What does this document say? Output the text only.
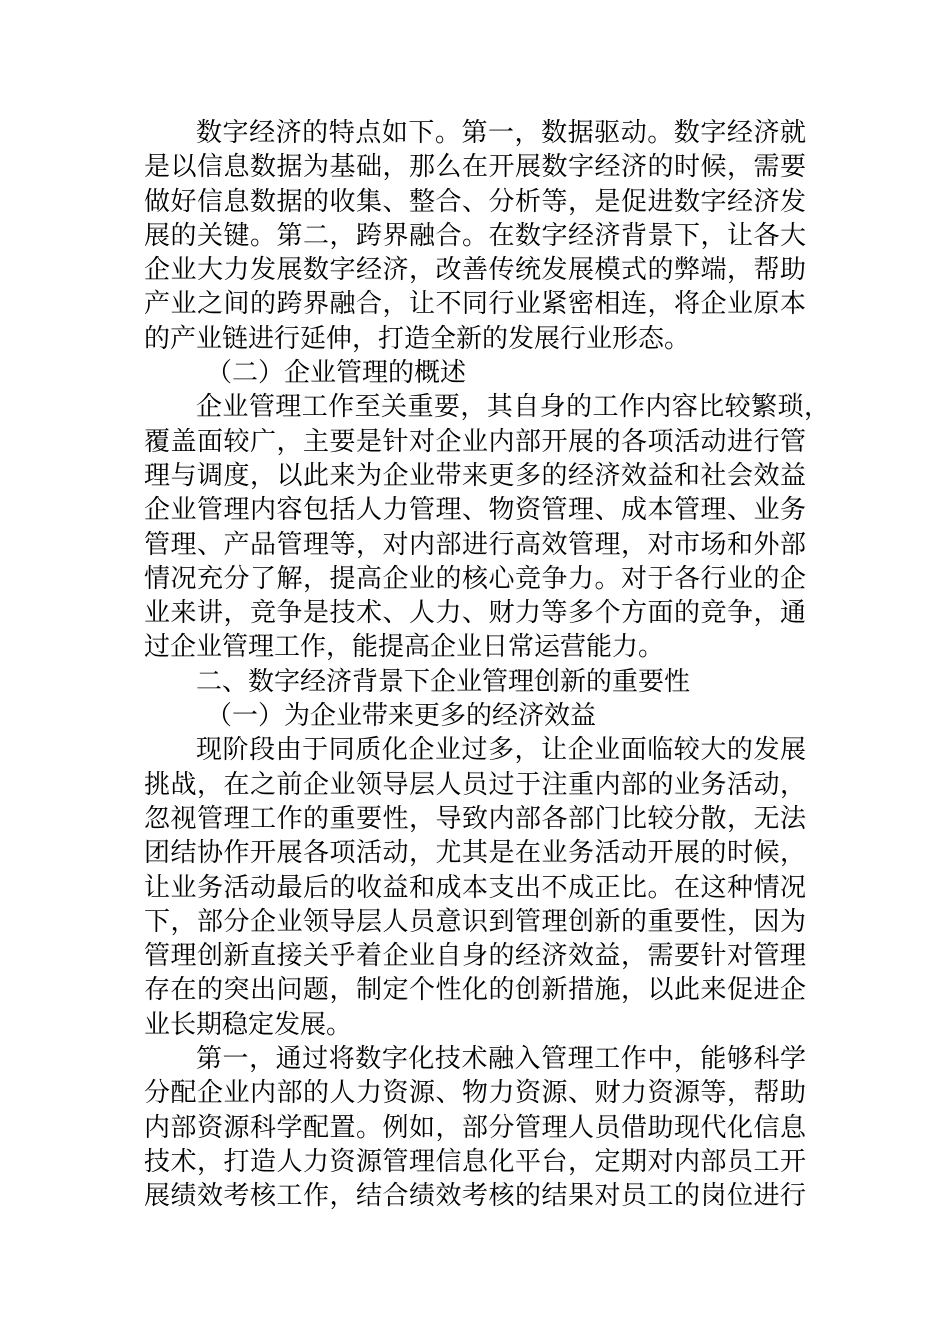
数字经济的特点如下。第一，数据驱动。数字经济就
是以信息数据为基础，那么在开展数字经济的时候，需要
做好信息数据的收集、整合、分析等，是促进数字经济发
展的关键。第二，跨界融合。在数字经济背景下，让各大
企业大力发展数字经济，改善传统发展模式的弊端，帮助
产业之间的跨界融合，让不同行业紧密相连，将企业原本
的产业链进行延伸，打造全新的发展行业形态。
（二）企业管理的概述
企业管理工作至关重要，其自身的工作内容比较繁琐，
覆盖面较广，主要是针对企业内部开展的各项活动进行管
理与调度，以此来为企业带来更多的经济效益和社会效益
企业管理内容包括人力管理、物资管理、成本管理、业务
管理、产品管理等，对内部进行高效管理，对市场和外部
情况充分了解，提高企业的核心竞争力。对于各行业的企
业来讲，竞争是技术、人力、财力等多个方面的竞争，通
过企业管理工作，能提高企业日常运营能力。
二、数字经济背景下企业管理创新的重要性
（一）为企业带来更多的经济效益
现阶段由于同质化企业过多，让企业面临较大的发展
挑战，在之前企业领导层人员过于注重内部的业务活动，
忽视管理工作的重要性，导致内部各部门比较分散，无法
团结协作开展各项活动，尤其是在业务活动开展的时候，
让业务活动最后的收益和成本支出不成正比。在这种情况
下，部分企业领导层人员意识到管理创新的重要性，因为
管理创新直接关乎着企业自身的经济效益，需要针对管理
存在的突出问题，制定个性化的创新措施，以此来促进企
业长期稳定发展。
第一，通过将数字化技术融入管理工作中，能够科学
分配企业内部的人力资源、物力资源、财力资源等，帮助
内部资源科学配置。例如，部分管理人员借助现代化信息
技术，打造人力资源管理信息化平台，定期对内部员工开
展绩效考核工作，结合绩效考核的结果对员工的岗位进行
